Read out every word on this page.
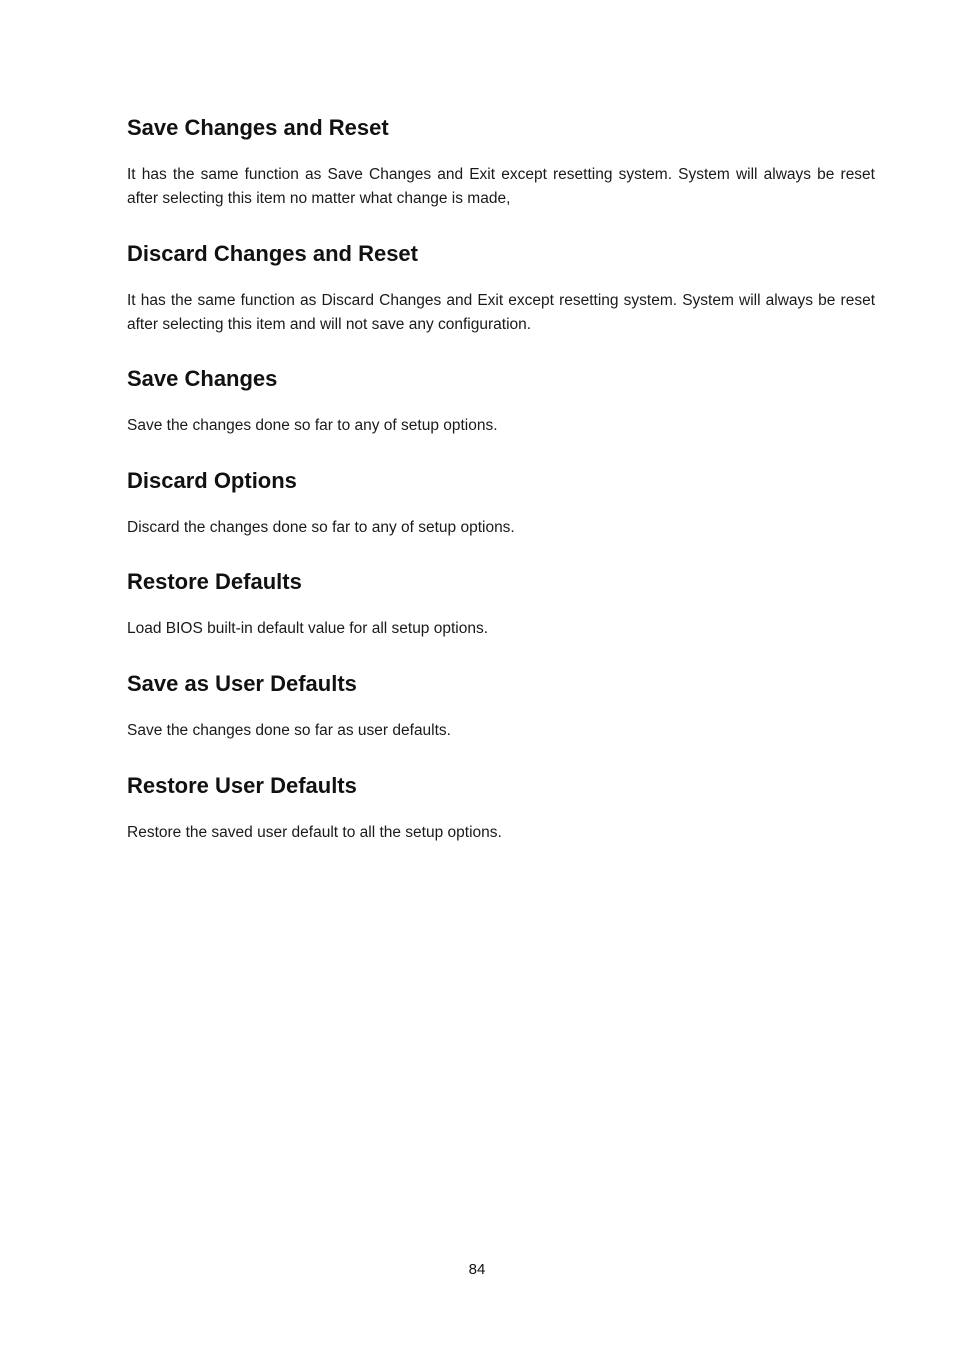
Save Changes and Reset

It has the same function as Save Changes and Exit except resetting system. System will always be reset after selecting this item no matter what change is made,

Discard Changes and Reset

It has the same function as Discard Changes and Exit except resetting system. System will always be reset after selecting this item and will not save any configuration.

Save Changes

Save the changes done so far to any of setup options.

Discard Options

Discard the changes done so far to any of setup options.

Restore Defaults

Load BIOS built-in default value for all setup options.

Save as User Defaults

Save the changes done so far as user defaults.

Restore User Defaults

Restore the saved user default to all the setup options.

84
